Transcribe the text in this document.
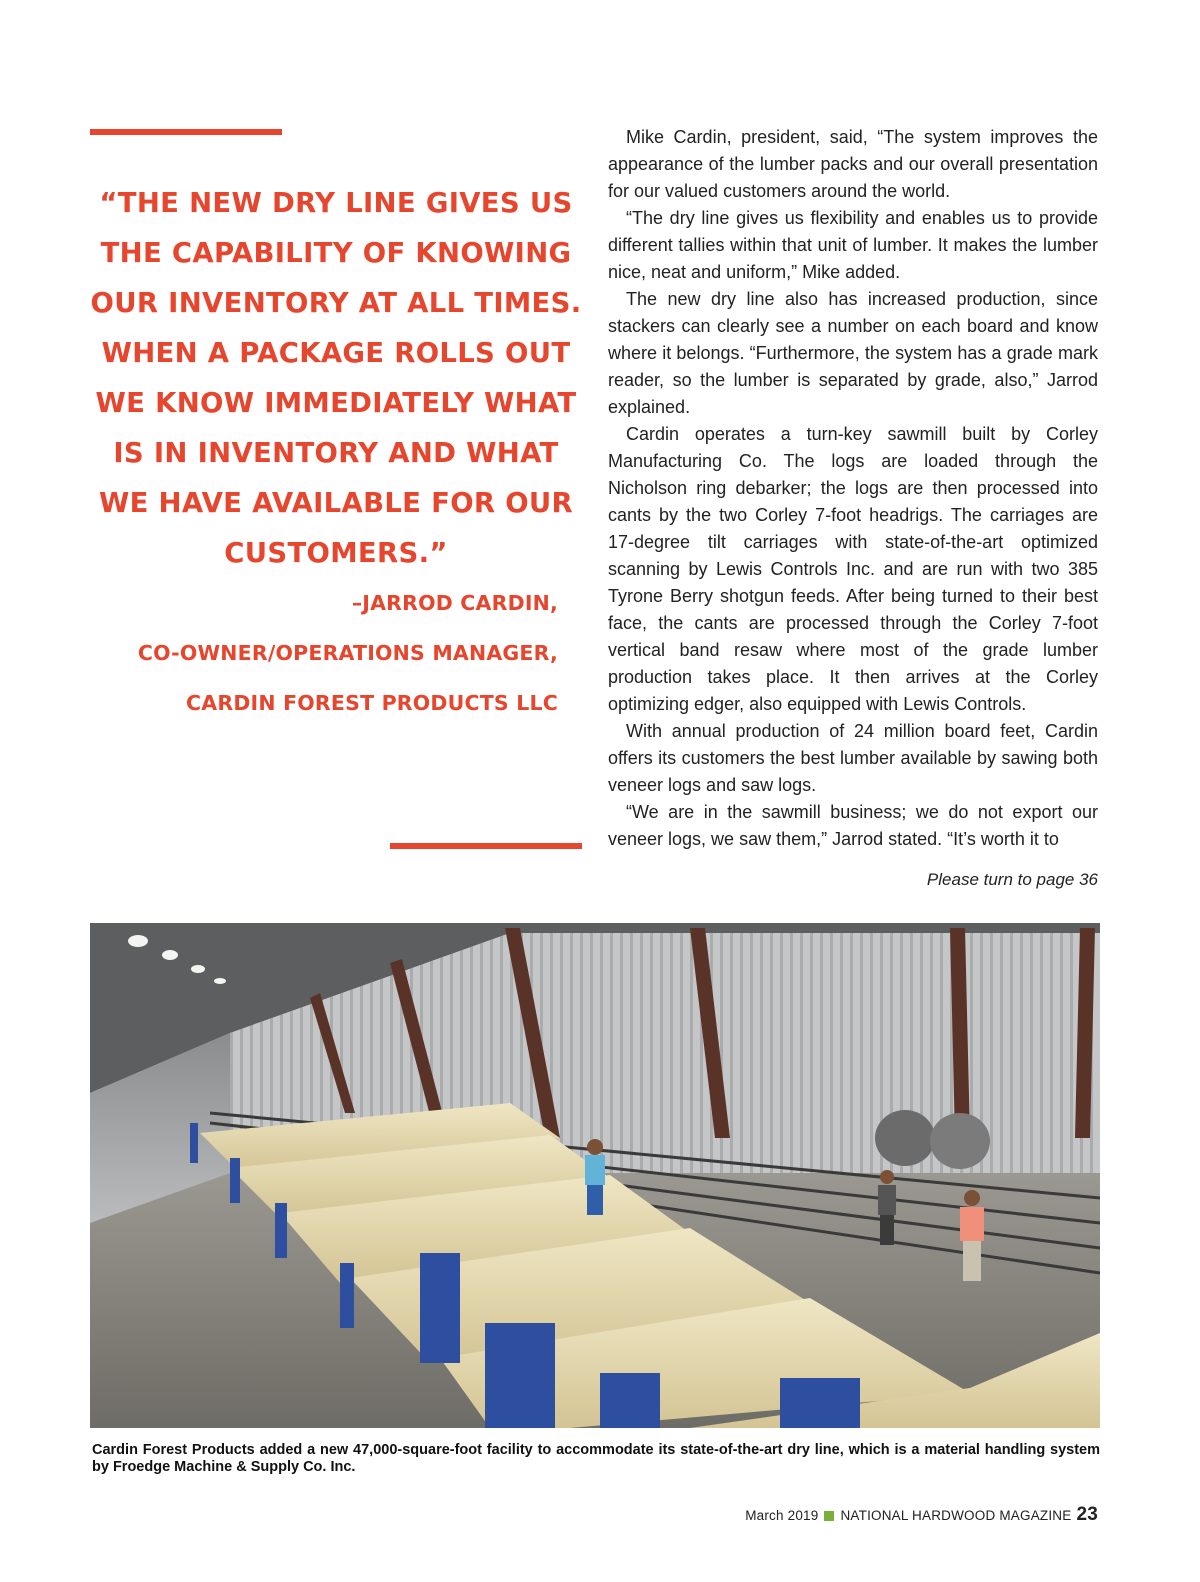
“THE NEW DRY LINE GIVES US THE CAPABILITY OF KNOWING OUR INVENTORY AT ALL TIMES. WHEN A PACKAGE ROLLS OUT WE KNOW IMMEDIATELY WHAT IS IN INVENTORY AND WHAT WE HAVE AVAILABLE FOR OUR CUSTOMERS.”

–JARROD CARDIN,
CO-OWNER/OPERATIONS MANAGER,
CARDIN FOREST PRODUCTS LLC

Mike Cardin, president, said, “The system improves the appearance of the lumber packs and our overall presentation for our valued customers around the world.

“The dry line gives us flexibility and enables us to provide different tallies within that unit of lumber. It makes the lumber nice, neat and uniform,” Mike added.

The new dry line also has increased production, since stackers can clearly see a number on each board and know where it belongs. “Furthermore, the system has a grade mark reader, so the lumber is separated by grade, also,” Jarrod explained.

Cardin operates a turn-key sawmill built by Corley Manufacturing Co. The logs are loaded through the Nicholson ring debarker; the logs are then processed into cants by the two Corley 7-foot headrigs. The carriages are 17-degree tilt carriages with state-of-the-art optimized scanning by Lewis Controls Inc. and are run with two 385 Tyrone Berry shotgun feeds. After being turned to their best face, the cants are processed through the Corley 7-foot vertical band resaw where most of the grade lumber production takes place. It then arrives at the Corley optimizing edger, also equipped with Lewis Controls.

With annual production of 24 million board feet, Cardin offers its customers the best lumber available by sawing both veneer logs and saw logs.

“We are in the sawmill business; we do not export our veneer logs, we saw them,” Jarrod stated. “It’s worth it to

Please turn to page 36
Cardin Forest Products added a new 47,000-square-foot facility to accommodate its state-of-the-art dry line, which is a material handling system by Froedge Machine & Supply Co. Inc.
March 2019 NATIONAL HARDWOOD MAGAZINE 23
